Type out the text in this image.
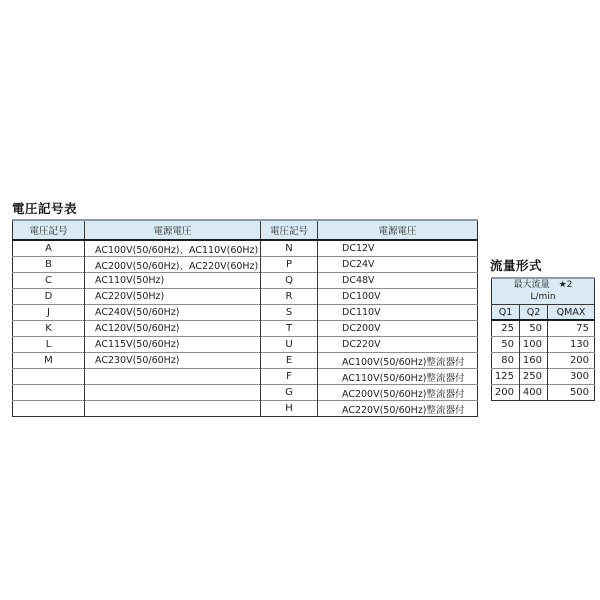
電圧記号表
電圧記号	電源電圧	電圧記号	電源電圧
A	AC100V(50/60Hz)、AC110V(60Hz)	N	DC12V
B	AC200V(50/60Hz)、AC220V(60Hz)	P	DC24V
C	AC110V(50Hz)	Q	DC48V
D	AC220V(50Hz)	R	DC100V
J	AC240V(50/60Hz)	S	DC110V
K	AC120V(50/60Hz)	T	DC200V
L	AC115V(50/60Hz)	U	DC220V
M	AC230V(50/60Hz)	E	AC100V(50/60Hz)整流器付
		F	AC110V(50/60Hz)整流器付
		G	AC200V(50/60Hz)整流器付
		H	AC220V(50/60Hz)整流器付
流量形式
最大流量　★2
L/min		

Q1	Q2	QMAX
25	50	75
50	100	130
80	160	200
125	250	300
200	400	500
